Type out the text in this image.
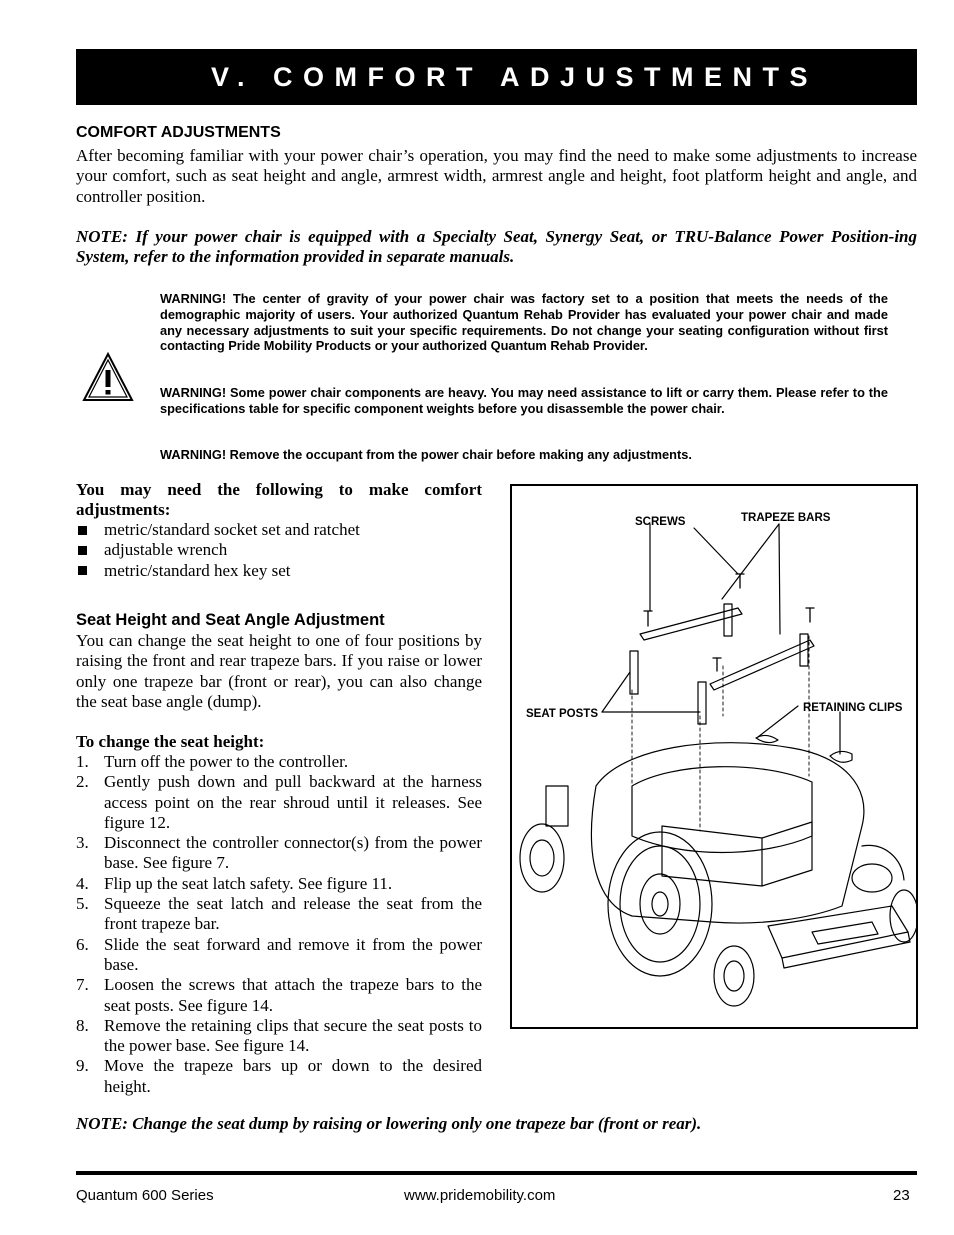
V. COMFORT ADJUSTMENTS
COMFORT ADJUSTMENTS

After becoming familiar with your power chair’s operation, you may find the need to make some adjustments to increase your comfort, such as seat height and angle, armrest width, armrest angle and height, foot platform height and angle, and controller position.

NOTE: If your power chair is equipped with a Specialty Seat, Synergy Seat, or TRU-Balance Power Position-ing System, refer to the information provided in separate manuals.

WARNING! The center of gravity of your power chair was factory set to a position that meets the needs of the demographic majority of users. Your authorized Quantum Rehab Provider has evaluated your power chair and made any necessary adjustments to suit your specific requirements. Do not change your seating configuration without first contacting Pride Mobility Products or your authorized Quantum Rehab Provider.

WARNING! Some power chair components are heavy. You may need assistance to lift or carry them. Please refer to the specifications table for specific component weights before you disassemble the power chair.

WARNING! Remove the occupant from the power chair before making any adjustments.

You may need the following to make comfort adjustments:

metric/standard socket set and ratchet
adjustable wrench
metric/standard hex key set
Seat Height and Seat Angle Adjustment

You can change the seat height to one of four positions by raising the front and rear trapeze bars. If you raise or lower only one trapeze bar (front or rear), you can also change the seat base angle (dump).

To change the seat height:

1. Turn off the power to the controller.
2. Gently push down and pull backward at the harness access point on the rear shroud until it releases. See figure 12.
3. Disconnect the controller connector(s) from the power base. See figure 7.
4. Flip up the seat latch safety. See figure 11.
5. Squeeze the seat latch and release the seat from the front trapeze bar.
6. Slide the seat forward and remove it from the power base.
7. Loosen the screws that attach the trapeze bars to the seat posts. See figure 14.
8. Remove the retaining clips that secure the seat posts to the power base. See figure 14.
9. Move the trapeze bars up or down to the desired height.
SCREWS	TRAPEZE BARS
SEAT POSTS	RETAINING CLIPS

NOTE: Change the seat dump by raising or lowering only one trapeze bar (front or rear).

Quantum 600 Series	www.pridemobility.com	23
